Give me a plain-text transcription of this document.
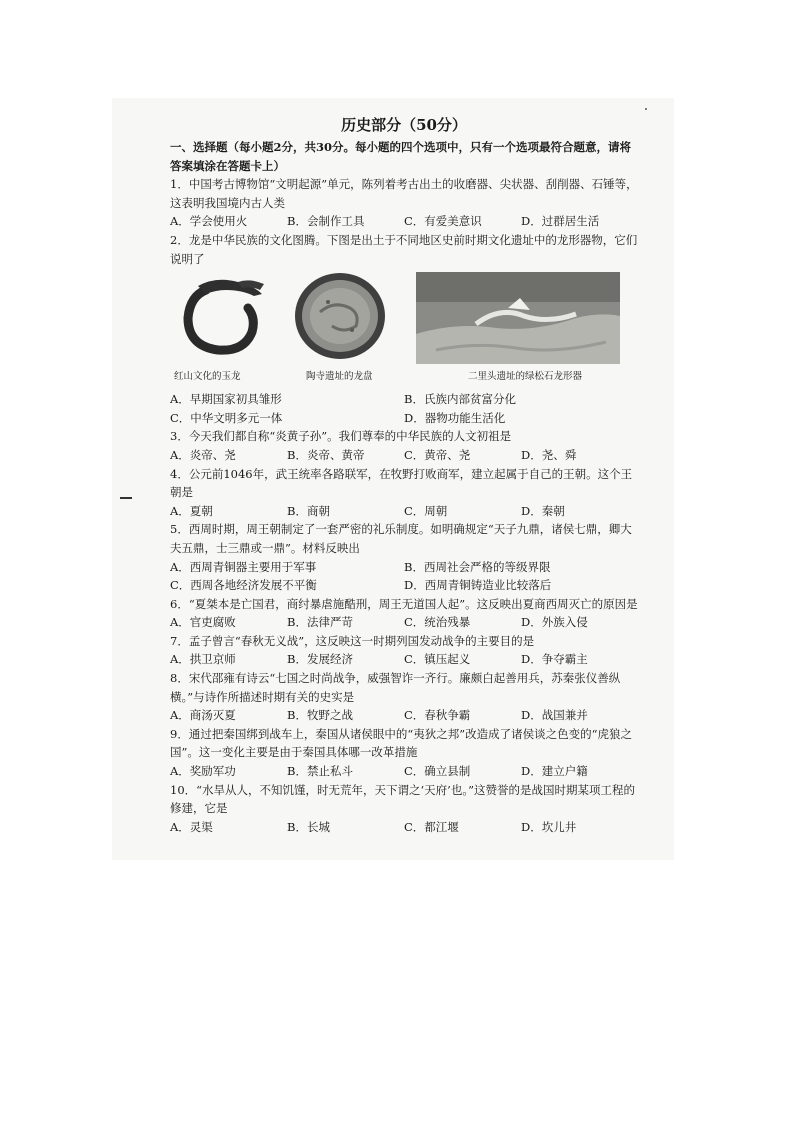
历史部分（50分）

一、选择题（每小题2分，共30分。每小题的四个选项中，只有一个选项最符合题意，请将答案填涂在答题卡上）

1．中国考古博物馆“文明起源”单元，陈列着考古出土的收磨器、尖状器、刮削器、石锤等，这表明我国境内古人类

A．学会使用火	B．会制作工具	C．有爱美意识	D．过群居生活

2．龙是中华民族的文化图腾。下图是出土于不同地区史前时期文化遗址中的龙形器物，它们说明了

红山文化的玉龙	陶寺遗址的龙盘	二里头遗址的绿松石龙形器
A．早期国家初具雏形	B．氏族内部贫富分化
C．中华文明多元一体	D．器物功能生活化

3．今天我们都自称“炎黄子孙”。我们尊奉的中华民族的人文初祖是

A．炎帝、尧	B．炎帝、黄帝	C．黄帝、尧	D．尧、舜

4．公元前1046年，武王统率各路联军，在牧野打败商军，建立起属于自己的王朝。这个王朝是

A．夏朝	B．商朝	C．周朝	D．秦朝

5．西周时期，周王朝制定了一套严密的礼乐制度。如明确规定“天子九鼎，诸侯七鼎，卿大夫五鼎，士三鼎或一鼎”。材料反映出

A．西周青铜器主要用于军事	B．西周社会严格的等级界限
C．西周各地经济发展不平衡	D．西周青铜铸造业比较落后

6．“夏桀本是亡国君，商纣暴虐施酷刑，周王无道国人起”。这反映出夏商西周灭亡的原因是

A．官吏腐败	B．法律严苛	C．统治残暴	D．外族入侵

7．孟子曾言“春秋无义战”，这反映这一时期列国发动战争的主要目的是

A．拱卫京师	B．发展经济	C．镇压起义	D．争夺霸主

8．宋代邵雍有诗云“七国之时尚战争，威强智诈一齐行。廉颇白起善用兵，苏秦张仪善纵横。”与诗作所描述时期有关的史实是

A．商汤灭夏	B．牧野之战	C．春秋争霸	D．战国兼并

9．通过把秦国绑到战车上，秦国从诸侯眼中的“夷狄之邦”改造成了诸侯谈之色变的“虎狼之国”。这一变化主要是由于秦国具体哪一改革措施

A．奖励军功	B．禁止私斗	C．确立县制	D．建立户籍

10．“水旱从人，不知饥馑，时无荒年，天下谓之‘天府’也。”这赞誉的是战国时期某项工程的修建，它是

A．灵渠	B．长城	C．都江堰	D．坎儿井
